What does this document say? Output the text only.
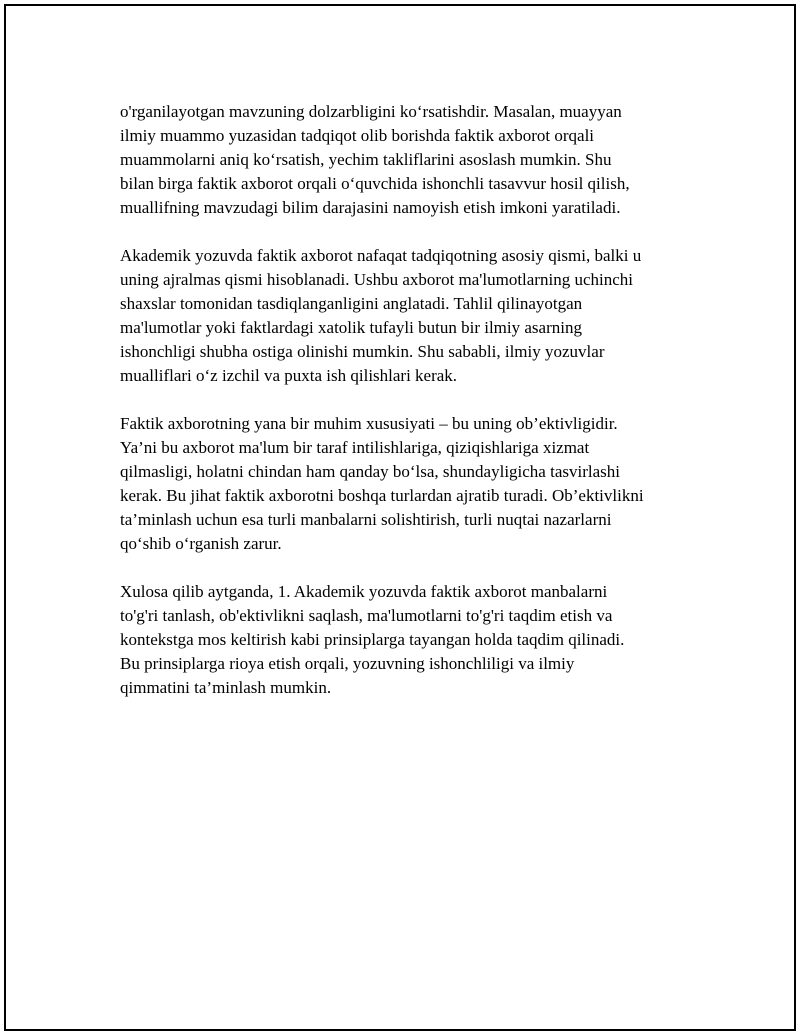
o'rganilayotgan mavzuning dolzarbligini ko‘rsatishdir. Masalan, muayyan
ilmiy muammo yuzasidan tadqiqot olib borishda faktik axborot orqali
muammolarni aniq ko‘rsatish, yechim takliflarini asoslash mumkin. Shu
bilan birga faktik axborot orqali o‘quvchida ishonchli tasavvur hosil qilish,
muallifning mavzudagi bilim darajasini namoyish etish imkoni yaratiladi.

Akademik yozuvda faktik axborot nafaqat tadqiqotning asosiy qismi, balki u
uning ajralmas qismi hisoblanadi. Ushbu axborot ma'lumotlarning uchinchi
shaxslar tomonidan tasdiqlanganligini anglatadi. Tahlil qilinayotgan
ma'lumotlar yoki faktlardagi xatolik tufayli butun bir ilmiy asarning
ishonchligi shubha ostiga olinishi mumkin. Shu sababli, ilmiy yozuvlar
mualliflari o‘z izchil va puxta ish qilishlari kerak.

Faktik axborotning yana bir muhim xususiyati – bu uning ob’ektivligidir.
Ya’ni bu axborot ma'lum bir taraf intilishlariga, qiziqishlariga xizmat
qilmasligi, holatni chindan ham qanday bo‘lsa, shundayligicha tasvirlashi
kerak. Bu jihat faktik axborotni boshqa turlardan ajratib turadi. Ob’ektivlikni
ta’minlash uchun esa turli manbalarni solishtirish, turli nuqtai nazarlarni
qo‘shib o‘rganish zarur.

Xulosa qilib aytganda, 1. Akademik yozuvda faktik axborot manbalarni
to'g'ri tanlash, ob'ektivlikni saqlash, ma'lumotlarni to'g'ri taqdim etish va
kontekstga mos keltirish kabi prinsiplarga tayangan holda taqdim qilinadi.
Bu prinsiplarga rioya etish orqali, yozuvning ishonchliligi va ilmiy
qimmatini ta’minlash mumkin.
